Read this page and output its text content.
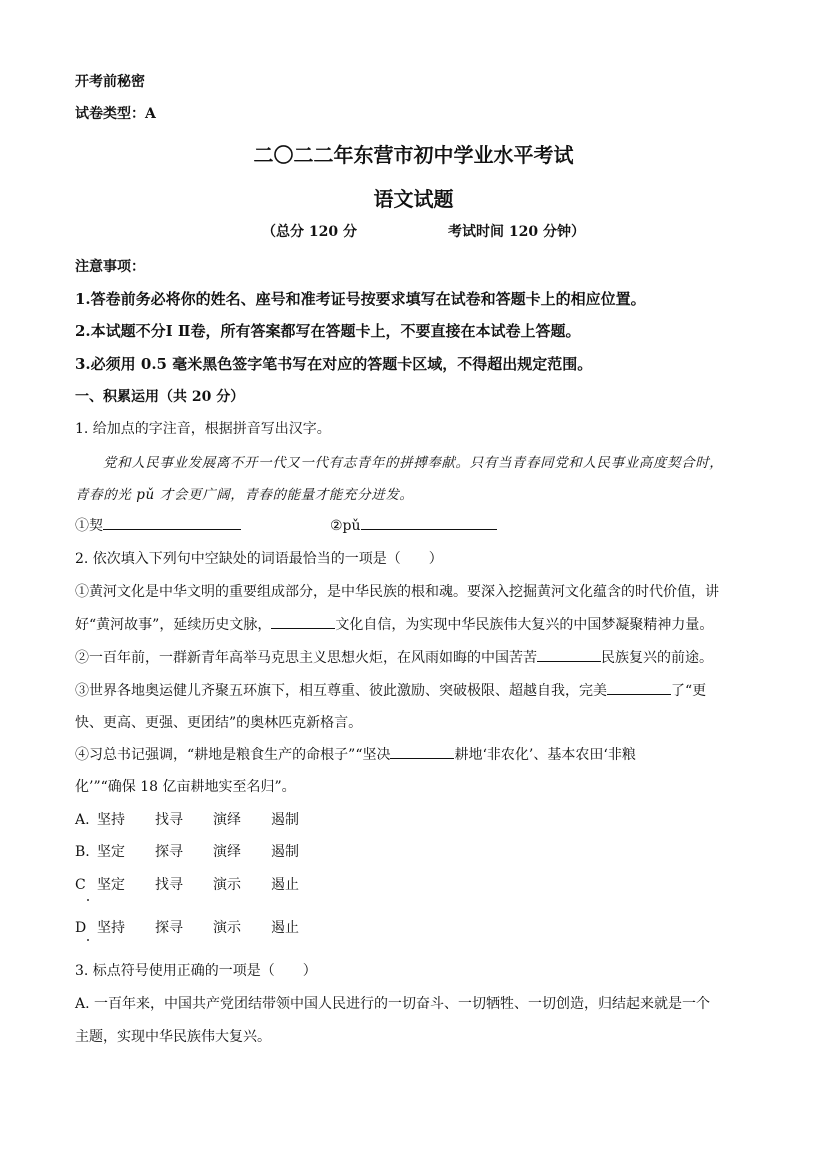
开考前秘密
试卷类型：A
二〇二二年东营市初中学业水平考试
语文试题
（总分 120 分	考试时间 120 分钟）
注意事项：
1.答卷前务必将你的姓名、座号和准考证号按要求填写在试卷和答题卡上的相应位置。
2.本试题不分Ⅰ Ⅱ卷，所有答案都写在答题卡上，不要直接在本试卷上答题。
3.必须用 0.5 毫米黑色签字笔书写在对应的答题卡区域，不得超出规定范围。
一、积累运用（共 20 分）
1. 给加点的字注音，根据拼音写出汉字。
党和人民事业发展离不开一代又一代有志青年的拼搏奉献。只有当青春同党和人民事业高度契合时，
青春的光 pǔ 才会更广阔，青春的能量才能充分迸发。
①契	②pǔ
2. 依次填入下列句中空缺处的词语最恰当的一项是（　　）
①黄河文化是中华文明的重要组成部分，是中华民族的根和魂。要深入挖掘黄河文化蕴含的时代价值，讲
好“黄河故事”，延续历史文脉，	文化自信，为实现中华民族伟大复兴的中国梦凝聚精神力量。
②一百年前，一群新青年高举马克思主义思想火炬，在风雨如晦的中国苦苦	民族复兴的前途。
③世界各地奥运健儿齐聚五环旗下，相互尊重、彼此激励、突破极限、超越自我，完美	了“更
快、更高、更强、更团结”的奥林匹克新格言。
④习总书记强调，“耕地是粮食生产的命根子”“坚决	耕地‘非农化’、基本农田‘非粮
化’”“确保 18 亿亩耕地实至名归”。
A. 坚持 找寻 演绎 遏制
B. 坚定 探寻 演绎 遏制
C 坚定 找寻 演示 遏止
D 坚持 探寻 演示 遏止
3. 标点符号使用正确的一项是（　　）
A. 一百年来，中国共产党团结带领中国人民进行的一切奋斗、一切牺牲、一切创造，归结起来就是一个
主题，实现中华民族伟大复兴。
